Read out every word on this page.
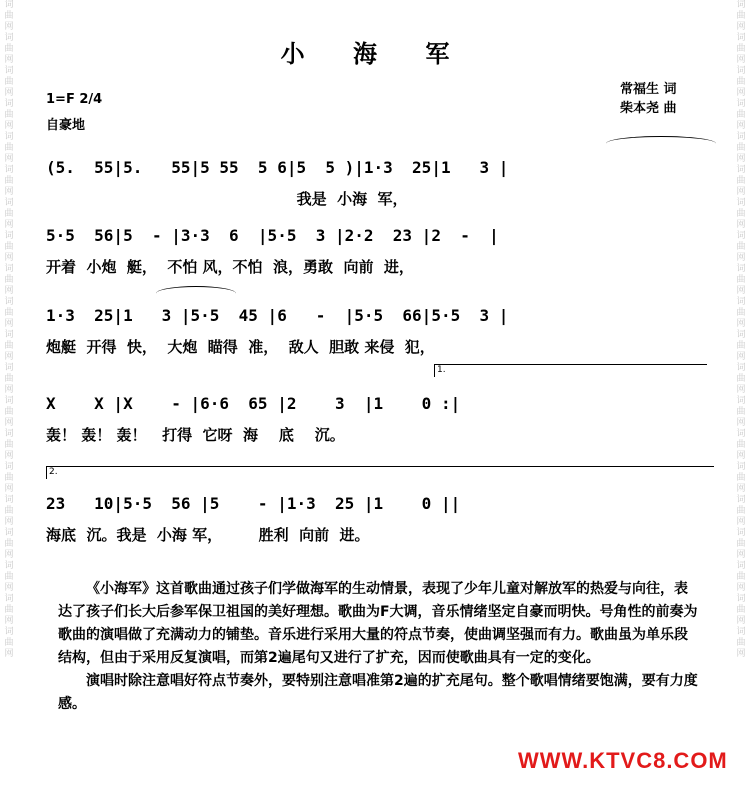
词
曲
网
词
曲
网
词
曲
网
词
曲
网
词
曲
网
词
曲
网
词
曲
网
词
曲
网
词
曲
网
词
曲
网
词
曲
网
词
曲
网
词
曲
网
词
曲
网
词
曲
网
词
曲
网
词
曲
网
词
曲
网
词
曲
网
词
曲
网
词
曲
网
词
曲
网
词
曲
网
词
曲
网
词
曲
网
词
曲
网
词
曲
网
词
曲
网
词
曲
网
词
曲
网
词
曲
网
词
曲
网
词
曲
网
词
曲
网
词
曲
网
词
曲
网
词
曲
网
词
曲
网
词
曲
网
词
曲
网
小 海 军
1=F 2/4
自豪地
常福生 词
柴本尧 曲
(5.  55|5.   55|5 55  5 6|5  5 )|1·3  25|1   3 |
我是  小海  军，
5·5  56|5  - |3·3  6  |5·5  3 |2·2  23 |2  -  |
开着  小炮  艇，  不怕 风，不怕  浪，勇敢  向前  进，
1·3  25|1   3 |5·5  45 |6   -  |5·5  66|5·5  3 |
炮艇  开得  快，  大炮  瞄得  准，  敌人  胆敢 来侵  犯，
1.
X    X |X    - |6·6  65 |2    3  |1    0 :|
轰！ 轰！ 轰！   打得  它呀  海    底    沉。
2.
23   10|5·5  56 |5    - |1·3  25 |1    0 ||
海底  沉。我是  小海 军，       胜利  向前  进。

《小海军》这首歌曲通过孩子们学做海军的生动情景，表现了少年儿童对解放军的热爱与向往，表达了孩子们长大后参军保卫祖国的美好理想。歌曲为F大调，音乐情绪坚定自豪而明快。号角性的前奏为歌曲的演唱做了充满动力的铺垫。音乐进行采用大量的符点节奏，使曲调坚强而有力。歌曲虽为单乐段结构，但由于采用反复演唱，而第2遍尾句又进行了扩充，因而使歌曲具有一定的变化。

演唱时除注意唱好符点节奏外，要特别注意唱准第2遍的扩充尾句。整个歌唱情绪要饱满，要有力度感。

WWW.KTVC8.COM
